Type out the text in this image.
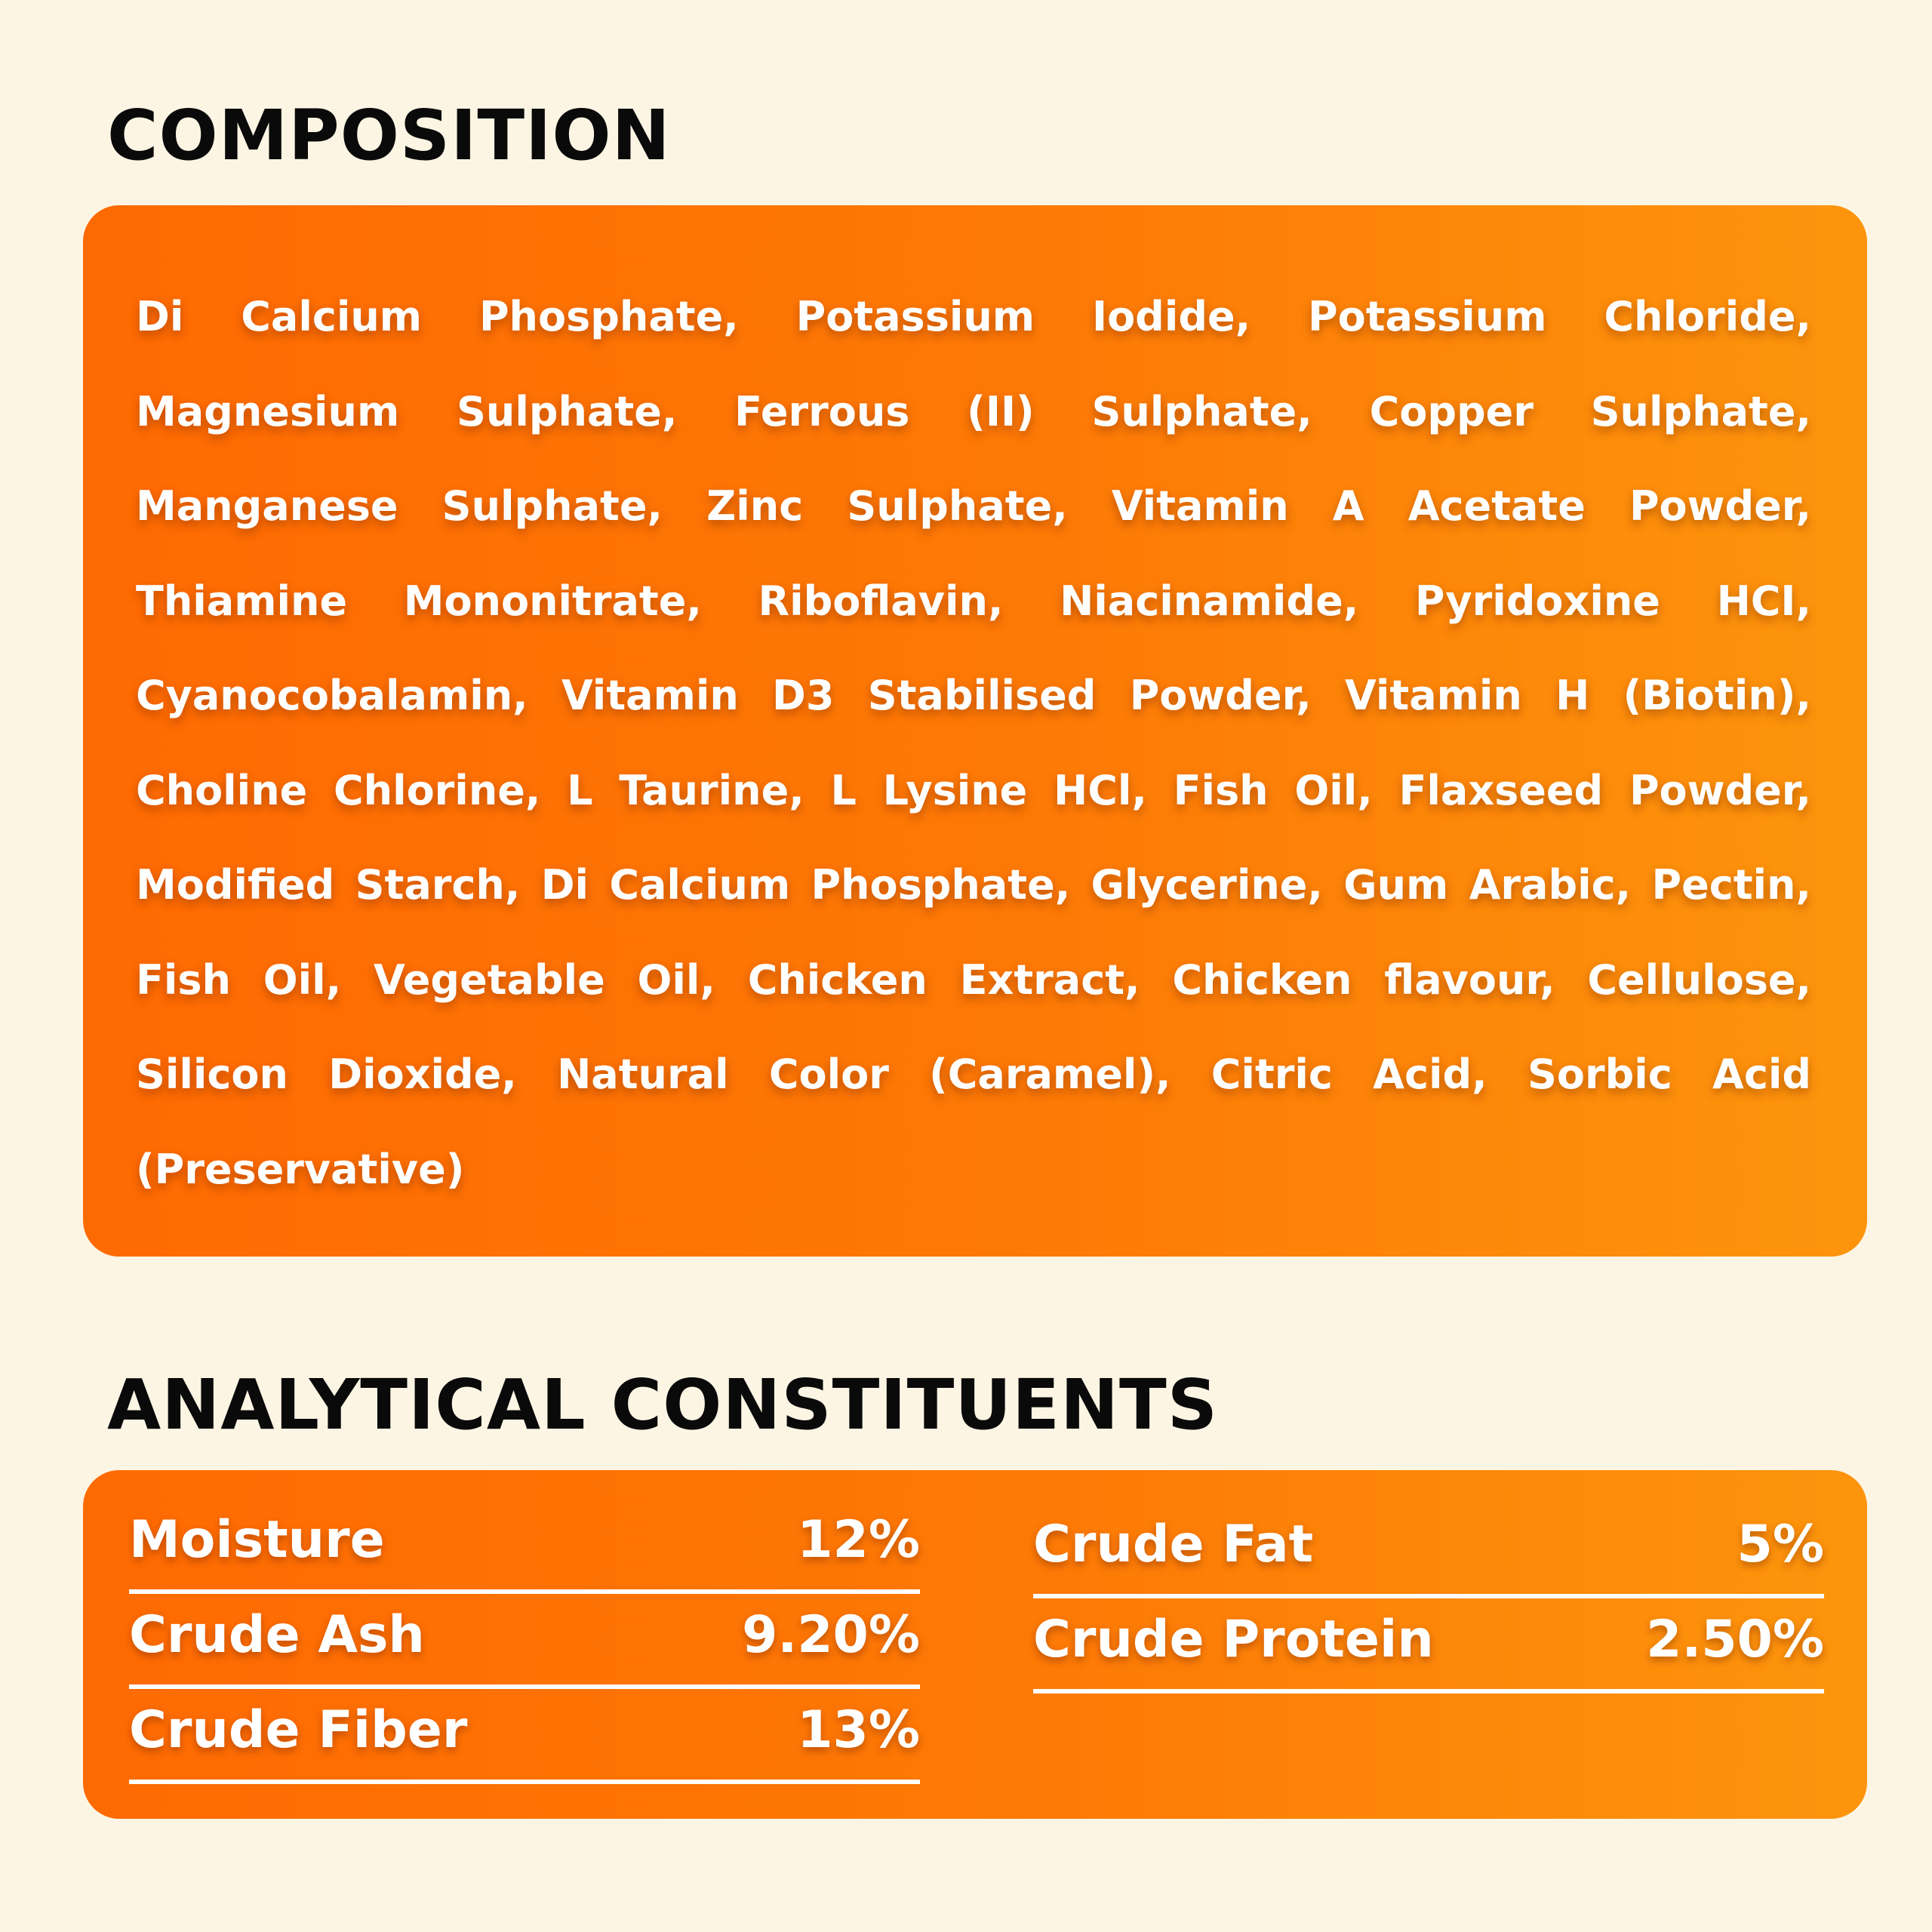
COMPOSITION

Di Calcium Phosphate, Potassium Iodide, Potassium Chloride, Magnesium Sulphate, Ferrous (II) Sulphate, Copper Sulphate, Manganese Sulphate, Zinc Sulphate, Vitamin A Acetate Powder, Thiamine Mononitrate, Riboflavin, Niacinamide, Pyridoxine HCI, Cyanocobalamin, Vitamin D3 Stabilised Powder, Vitamin H (Biotin), Choline Chlorine, L Taurine, L Lysine HCl, Fish Oil, Flaxseed Powder, Modified Starch, Di Calcium Phosphate, Glycerine, Gum Arabic, Pectin, Fish Oil, Vegetable Oil, Chicken Extract, Chicken flavour, Cellulose, Silicon Dioxide, Natural Color (Caramel), Citric Acid, Sorbic Acid (Preservative)

ANALYTICAL CONSTITUENTS
Moisture	12%
Crude Ash	9.20%
Crude Fiber	13%
Crude Fat	5%
Crude Protein	2.50%
